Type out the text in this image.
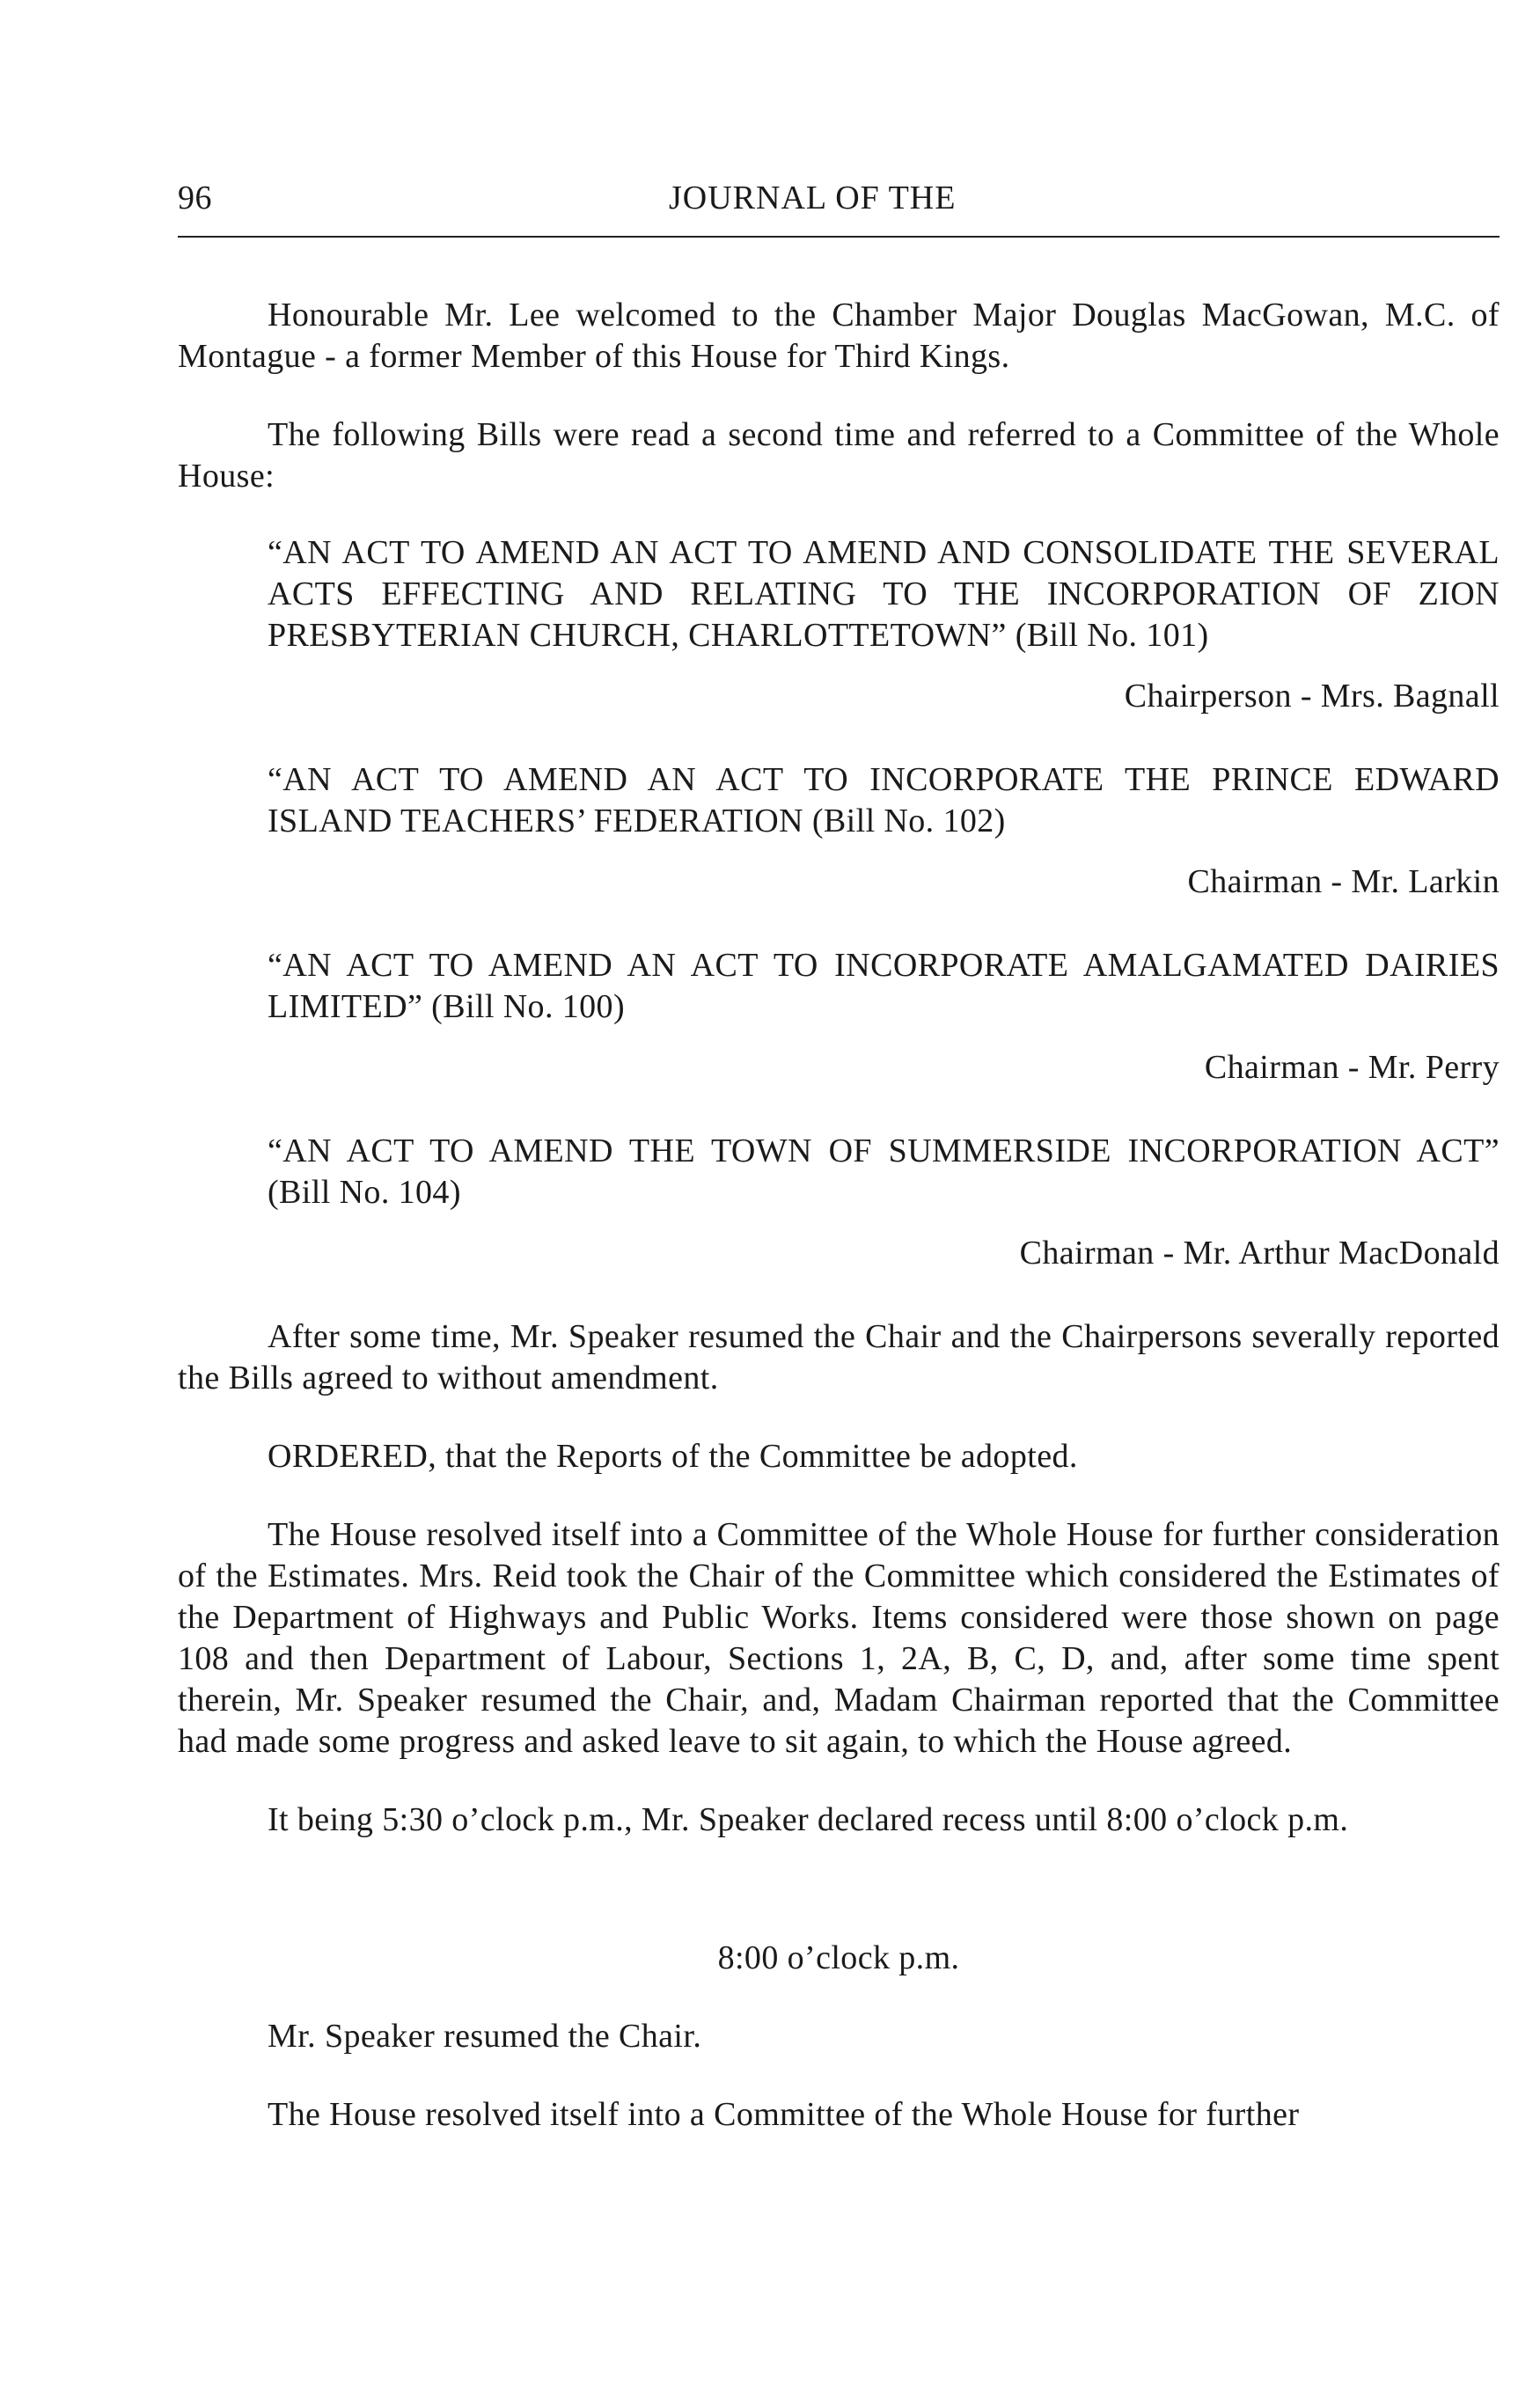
96	JOURNAL OF THE

Honourable Mr. Lee welcomed to the Chamber Major Douglas MacGowan, M.C. of Montague - a former Member of this House for Third Kings.

The following Bills were read a second time and referred to a Committee of the Whole House:

“AN ACT TO AMEND AN ACT TO AMEND AND CONSOLIDATE THE SEVERAL ACTS EFFECTING AND RELATING TO THE INCORPORATION OF ZION PRESBYTERIAN CHURCH, CHARLOTTETOWN” (Bill No. 101)
Chairperson - Mrs. Bagnall
“AN ACT TO AMEND AN ACT TO INCORPORATE THE PRINCE EDWARD ISLAND TEACHERS’ FEDERATION (Bill No. 102)
Chairman - Mr. Larkin
“AN ACT TO AMEND AN ACT TO INCORPORATE AMALGAMATED DAIRIES LIMITED” (Bill No. 100)
Chairman - Mr. Perry
“AN ACT TO AMEND THE TOWN OF SUMMERSIDE INCORPORATION ACT” (Bill No. 104)
Chairman - Mr. Arthur MacDonald

After some time, Mr. Speaker resumed the Chair and the Chairpersons severally reported the Bills agreed to without amendment.

ORDERED, that the Reports of the Committee be adopted.

The House resolved itself into a Committee of the Whole House for further consideration of the Estimates. Mrs. Reid took the Chair of the Committee which considered the Estimates of the Department of Highways and Public Works. Items considered were those shown on page 108 and then Department of Labour, Sections 1, 2A, B, C, D, and, after some time spent therein, Mr. Speaker resumed the Chair, and, Madam Chairman reported that the Committee had made some progress and asked leave to sit again, to which the House agreed.

It being 5:30 o’clock p.m., Mr. Speaker declared recess until 8:00 o’clock p.m.

8:00 o’clock p.m.

Mr. Speaker resumed the Chair.

The House resolved itself into a Committee of the Whole House for further
